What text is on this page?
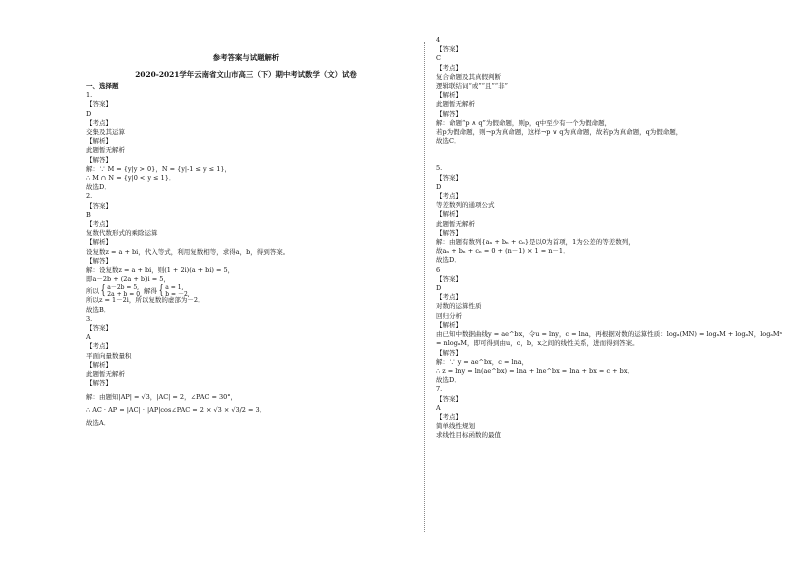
参考答案与试题解析
2020-2021学年云南省文山市高三（下）期中考试数学（文）试卷
一、选择题
1.
【答案】
D
【考点】
交集及其运算
【解析】
此题暂无解析
【解答】
解：∵ M = {y|y > 0}，N = {y|-1 ≤ y ≤ 1}，
∴ M ∩ N = {y|0 < y ≤ 1}．
故选D．
2.
【答案】
B
【考点】
复数代数形式的乘除运算
【解析】
设复数z = a + bi，代入等式，利用复数相等，求得a，b，得到答案。
【解答】
解：设复数z = a + bi，则(1 + 2i)(a + bi) = 5，
即a－2b + (2a + b)i = 5，
所以 { a－2b = 5,
2a + b = 0, 解得 { a = 1,
b = －2,
所以z = 1－2i，所以复数的虚部为－2．
故选B．
3.
【答案】
A
【考点】
平面向量数量积
【解析】
此题暂无解析
【解答】
解：由题知|AP| = √3，|AC| = 2，∠PAC = 30°，
∴ AC · AP = |AC| · |AP|cos∠PAC = 2 × √3 × √3/2 = 3．
故选A．
4
【答案】
C
【考点】
复合命题及其真假判断
逻辑联结词“或”“且”“非”
【解析】
此题暂无解析
【解答】
解：命题“p ∧ q”为假命题，则p，q中至少有一个为假命题，
若p为假命题，则¬p为真命题，这样¬p ∨ q为真命题，故若p为真命题，q为假命题，
故选C．
5.
【答案】
D
【考点】
等差数列的通项公式
【解析】
此题暂无解析
【解答】
解：由题有数列{aₙ + bₙ + cₙ}是以0为首项，1为公差的等差数列，
故aₙ + bₙ + cₙ = 0 + (n－1) × 1 = n－1．
故选D．
6
【答案】
D
【考点】
对数的运算性质
回归分析
【解析】
由已知中数据曲线y = ae^bx，令u = lny，c = lna，再根据对数的运算性质：logₐ(MN) = logₐM + logₐN，logₐMⁿ
= nlogₐM，即可得到由u，c，b，x之间的线性关系，进而得到答案。
【解答】
解：∵ y = ae^bx，c = lna，
∴ z = lny = ln(ae^bx) = lna + lne^bx = lna + bx = c + bx．
故选D．
7.
【答案】
A
【考点】
简单线性规划
求线性目标函数的最值
